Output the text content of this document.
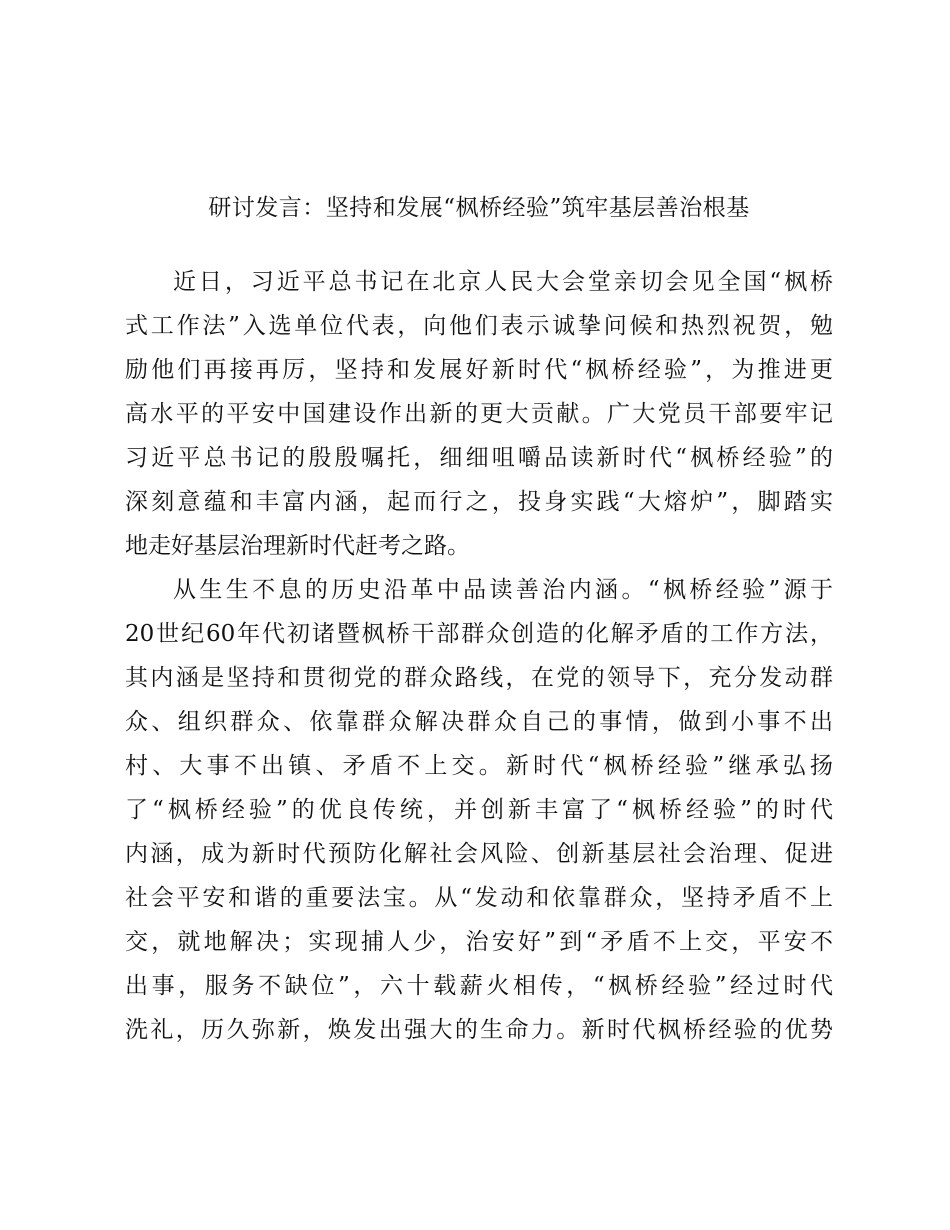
研讨发言：坚持和发展“枫桥经验”筑牢基层善治根基
近日，习近平总书记在北京人民大会堂亲切会见全国“枫桥
式工作法”入选单位代表，向他们表示诚挚问候和热烈祝贺，勉
励他们再接再厉，坚持和发展好新时代“枫桥经验”，为推进更
高水平的平安中国建设作出新的更大贡献。广大党员干部要牢记
习近平总书记的殷殷嘱托，细细咀嚼品读新时代“枫桥经验”的
深刻意蕴和丰富内涵，起而行之，投身实践“大熔炉”，脚踏实
地走好基层治理新时代赶考之路。
从生生不息的历史沿革中品读善治内涵。“枫桥经验”源于
20世纪60年代初诸暨枫桥干部群众创造的化解矛盾的工作方法，
其内涵是坚持和贯彻党的群众路线，在党的领导下，充分发动群
众、组织群众、依靠群众解决群众自己的事情，做到小事不出
村、大事不出镇、矛盾不上交。新时代“枫桥经验”继承弘扬
了“枫桥经验”的优良传统，并创新丰富了“枫桥经验”的时代
内涵，成为新时代预防化解社会风险、创新基层社会治理、促进
社会平安和谐的重要法宝。从“发动和依靠群众，坚持矛盾不上
交，就地解决；实现捕人少，治安好”到“矛盾不上交，平安不
出事，服务不缺位”，六十载薪火相传，“枫桥经验”经过时代
洗礼，历久弥新，焕发出强大的生命力。新时代枫桥经验的优势
